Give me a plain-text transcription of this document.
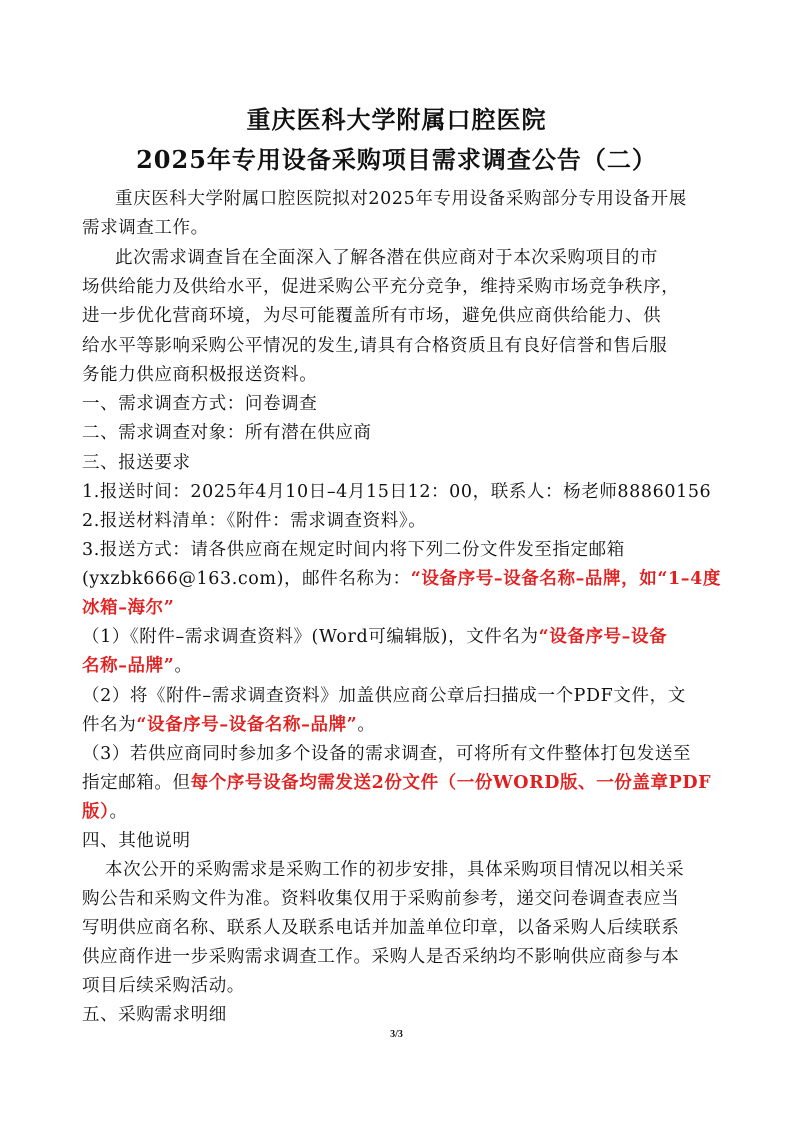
重庆医科大学附属口腔医院
2025年专用设备采购项目需求调查公告（二）
重庆医科大学附属口腔医院拟对2025年专用设备采购部分专用设备开展
需求调查工作。
此次需求调查旨在全面深入了解各潜在供应商对于本次采购项目的市
场供给能力及供给水平，促进采购公平充分竞争，维持采购市场竞争秩序，
进一步优化营商环境，为尽可能覆盖所有市场，避免供应商供给能力、供
给水平等影响采购公平情况的发生,请具有合格资质且有良好信誉和售后服
务能力供应商积极报送资料。
一、需求调查方式：问卷调查
二、需求调查对象：所有潜在供应商
三、报送要求
1.报送时间：2025年4月10日–4月15日12：00，联系人：杨老师88860156
2.报送材料清单：《附件：需求调查资料》。
3.报送方式：请各供应商在规定时间内将下列二份文件发至指定邮箱
(yxzbk666@163.com)，邮件名称为：“设备序号–设备名称–品牌，如“1–4度
冰箱–海尔”
（1）《附件–需求调查资料》(Word可编辑版)，文件名为“设备序号–设备
名称–品牌”。
（2）将《附件–需求调查资料》加盖供应商公章后扫描成一个PDF文件，文
件名为“设备序号–设备名称–品牌”。
（3）若供应商同时参加多个设备的需求调查，可将所有文件整体打包发送至
指定邮箱。但每个序号设备均需发送2份文件（一份WORD版、一份盖章PDF
版）。
四、其他说明
本次公开的采购需求是采购工作的初步安排，具体采购项目情况以相关采
购公告和采购文件为准。资料收集仅用于采购前参考，递交问卷调查表应当
写明供应商名称、联系人及联系电话并加盖单位印章，以备采购人后续联系
供应商作进一步采购需求调查工作。采购人是否采纳均不影响供应商参与本
项目后续采购活动。
五、采购需求明细
3/3
